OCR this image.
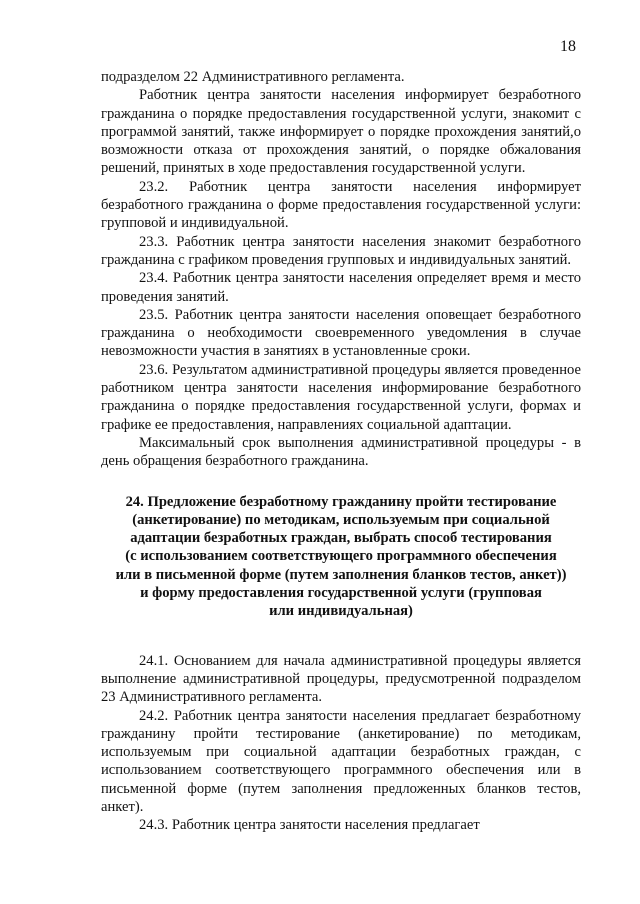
18

подразделом 22 Административного регламента.

Работник центра занятости населения информирует безработного гражданина о порядке предоставления государственной услуги, знакомит с программой занятий, также информирует о порядке прохождения занятий,о возможности отказа от прохождения занятий, о порядке обжалования решений, принятых в ходе предоставления государственной услуги.

23.2. Работник центра занятости населения информирует безработного гражданина о форме предоставления государственной услуги: групповой и индивидуальной.

23.3. Работник центра занятости населения знакомит безработного гражданина с графиком проведения групповых и индивидуальных занятий.

23.4. Работник центра занятости населения определяет время и место проведения занятий.

23.5. Работник центра занятости населения оповещает безработного гражданина о необходимости своевременного уведомления в случае невозможности участия в занятиях в установленные сроки.

23.6. Результатом административной процедуры является проведенное работником центра занятости населения информирование безработного гражданина о порядке предоставления государственной услуги, формах и графике ее предоставления, направлениях социальной адаптации.

Максимальный срок выполнения административной процедуры - в день обращения безработного гражданина.

24. Предложение безработному гражданину пройти тестирование
(анкетирование) по методикам, используемым при социальной
адаптации безработных граждан, выбрать способ тестирования
(с использованием соответствующего программного обеспечения
или в письменной форме (путем заполнения бланков тестов, анкет))
и форму предоставления государственной услуги (групповая
или индивидуальная)

24.1. Основанием для начала административной процедуры является выполнение административной процедуры, предусмотренной подразделом 23 Административного регламента.

24.2. Работник центра занятости населения предлагает безработному гражданину пройти тестирование (анкетирование) по методикам, используемым при социальной адаптации безработных граждан, с использованием соответствующего программного обеспечения или в письменной форме (путем заполнения предложенных бланков тестов, анкет).

24.3. Работник центра занятости населения предлагает
